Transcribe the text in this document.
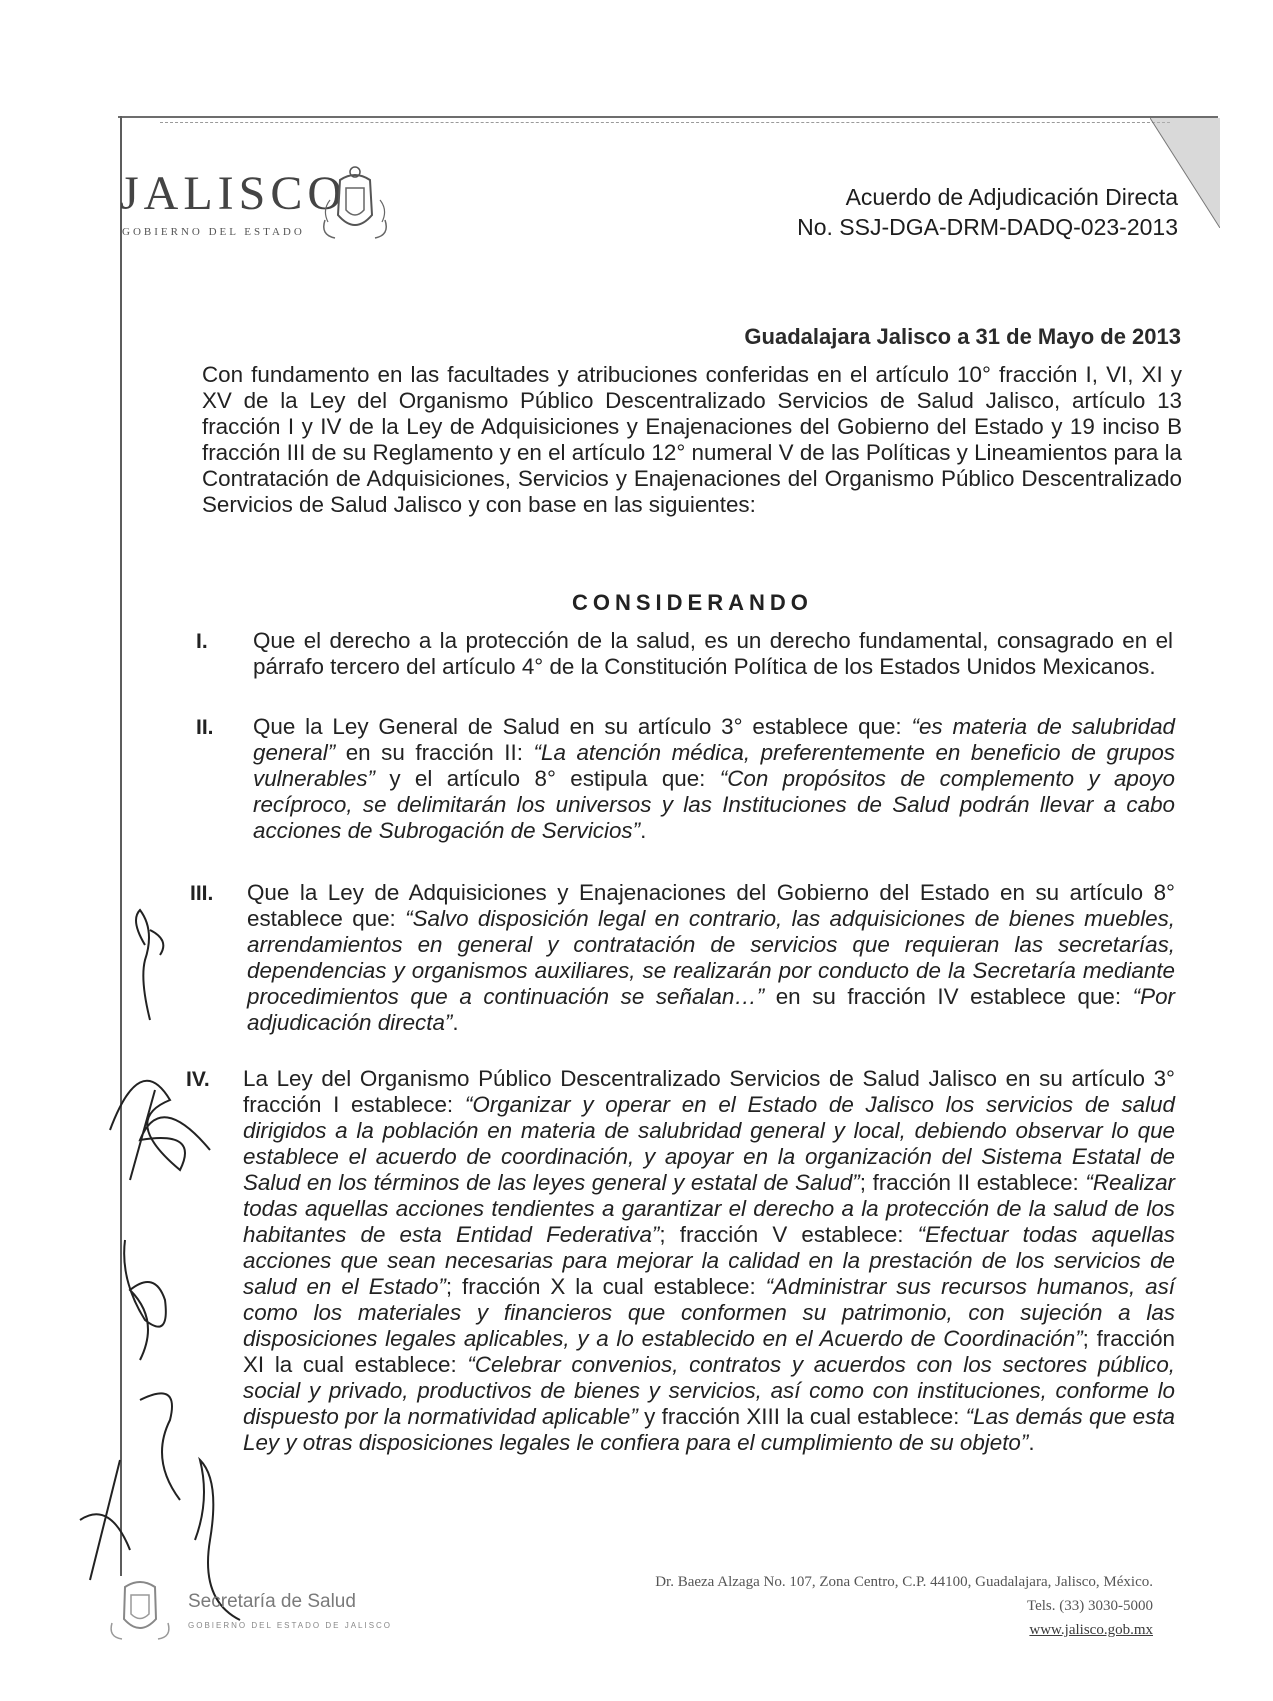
JALISCO
GOBIERNO DEL ESTADO
Acuerdo de Adjudicación Directa
No. SSJ-DGA-DRM-DADQ-023-2013
Guadalajara Jalisco a 31 de Mayo de 2013
Con fundamento en las facultades y atribuciones conferidas en el artículo 10° fracción I, VI, XI y XV de la Ley del Organismo Público Descentralizado Servicios de Salud Jalisco, artículo 13 fracción I y IV de la Ley de Adquisiciones y Enajenaciones del Gobierno del Estado y 19 inciso B fracción III de su Reglamento y en el artículo 12° numeral V de las Políticas y Lineamientos para la Contratación de Adquisiciones, Servicios y Enajenaciones del Organismo Público Descentralizado Servicios de Salud Jalisco y con base en las siguientes:
CONSIDERANDO
I. Que el derecho a la protección de la salud, es un derecho fundamental, consagrado en el párrafo tercero del artículo 4° de la Constitución Política de los Estados Unidos Mexicanos.
II. Que la Ley General de Salud en su artículo 3° establece que: “es materia de salubridad general” en su fracción II: “La atención médica, preferentemente en beneficio de grupos vulnerables” y el artículo 8° estipula que: “Con propósitos de complemento y apoyo recíproco, se delimitarán los universos y las Instituciones de Salud podrán llevar a cabo acciones de Subrogación de Servicios”.
III. Que la Ley de Adquisiciones y Enajenaciones del Gobierno del Estado en su artículo 8° establece que: “Salvo disposición legal en contrario, las adquisiciones de bienes muebles, arrendamientos en general y contratación de servicios que requieran las secretarías, dependencias y organismos auxiliares, se realizarán por conducto de la Secretaría mediante procedimientos que a continuación se señalan…” en su fracción IV establece que: “Por adjudicación directa”.
IV. La Ley del Organismo Público Descentralizado Servicios de Salud Jalisco en su artículo 3° fracción I establece: “Organizar y operar en el Estado de Jalisco los servicios de salud dirigidos a la población en materia de salubridad general y local, debiendo observar lo que establece el acuerdo de coordinación, y apoyar en la organización del Sistema Estatal de Salud en los términos de las leyes general y estatal de Salud”; fracción II establece: “Realizar todas aquellas acciones tendientes a garantizar el derecho a la protección de la salud de los habitantes de esta Entidad Federativa”; fracción V establece: “Efectuar todas aquellas acciones que sean necesarias para mejorar la calidad en la prestación de los servicios de salud en el Estado”; fracción X la cual establece: “Administrar sus recursos humanos, así como los materiales y financieros que conformen su patrimonio, con sujeción a las disposiciones legales aplicables, y a lo establecido en el Acuerdo de Coordinación”; fracción XI la cual establece: “Celebrar convenios, contratos y acuerdos con los sectores público, social y privado, productivos de bienes y servicios, así como con instituciones, conforme lo dispuesto por la normatividad aplicable” y fracción XIII la cual establece: “Las demás que esta Ley y otras disposiciones legales le confiera para el cumplimiento de su objeto”.
Secretaría de Salud
GOBIERNO DEL ESTADO DE JALISCO
Dr. Baeza Alzaga No. 107, Zona Centro, C.P. 44100, Guadalajara, Jalisco, México.
Tels. (33) 3030-5000
www.jalisco.gob.mx
